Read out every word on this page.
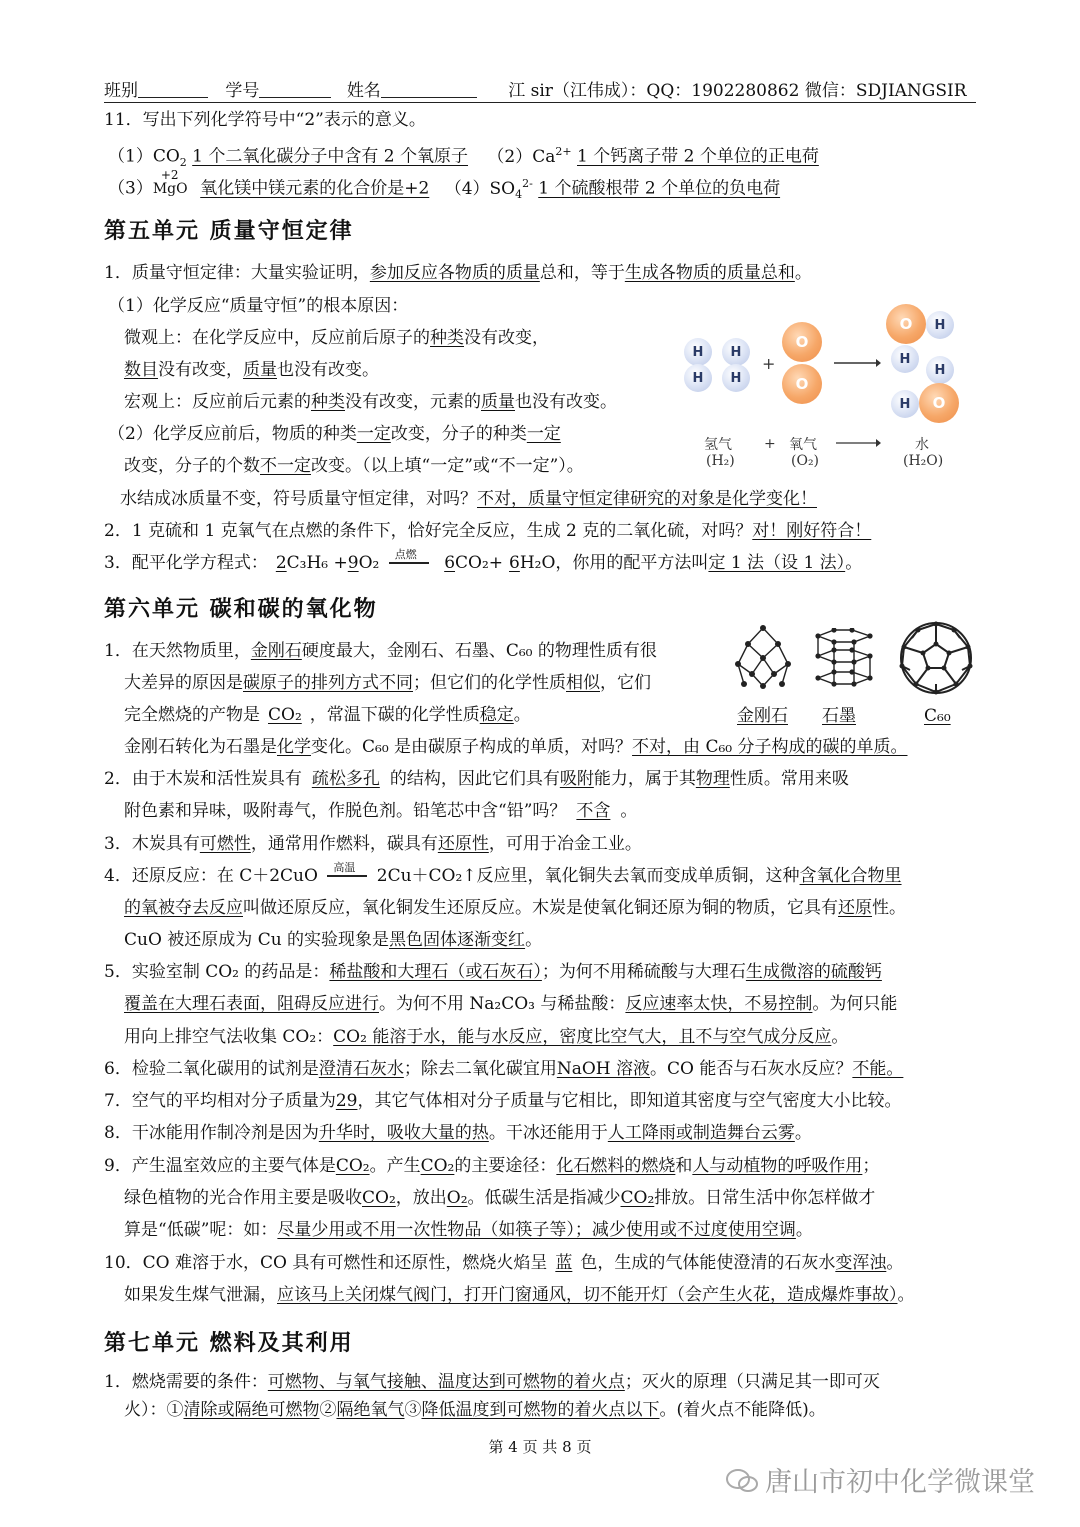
班别	学号	姓名	江 sir（江伟成）：QQ：1902280862 微信：SDJIANGSIR
11．写出下列化学符号中“2”表示的意义。
$(1)CO_2$ 1 个二氧化碳分子中含有 2 个氧原子 $(2)Ca^{2+}$ 1 个钙离子带 2 个单位的正电荷
（3）
+2
MgO 氧化镁中镁元素的化合价是+2 $(4)SO_4^{2-}$ 1 个硫酸根带 2 个单位的负电荷
第五单元 质量守恒定律
1．质量守恒定律：大量实验证明，参加反应各物质的质量总和，等于生成各物质的质量总和。
（1）化学反应“质量守恒”的根本原因：
微观上：在化学反应中，反应前后原子的种类没有改变，
数目没有改变，质量也没有改变。
宏观上：反应前后元素的种类没有改变，元素的质量也没有改变。
（2）化学反应前后，物质的种类一定改变，分子的种类一定
改变，分子的个数不一定改变。（以上填“一定”或“不一定”）。
水结成冰质量不变，符号质量守恒定律，对吗？不对，质量守恒定律研究的对象是化学变化！
2．1 克硫和 1 克氧气在点燃的条件下，恰好完全反应，生成 2 克的二氧化硫，对吗？对！刚好符合！
3．配平化学方程式： 2C₃H₆ +9O₂ 点燃 6CO₂+ 6H₂O，你用的配平方法叫定 1 法（设 1 法）。
H	H
H	H
+
O
O
O	H
H
H
H	O
氢气
(H₂)
+ 氧气
(O₂)
水
(H₂O)
第六单元 碳和碳的氧化物
1．在天然物质里，金刚石硬度最大，金刚石、石墨、C₆₀ 的物理性质有很
大差异的原因是碳原子的排列方式不同；但它们的化学性质相似，它们
完全燃烧的产物是 CO₂ ，常温下碳的化学性质稳定。	金刚石 石墨	C₆₀
金刚石转化为石墨是化学变化。C₆₀ 是由碳原子构成的单质，对吗？不对，由 C₆₀ 分子构成的碳的单质。
2．由于木炭和活性炭具有 疏松多孔 的结构，因此它们具有吸附能力，属于其物理性质。常用来吸
附色素和异味，吸附毒气，作脱色剂。铅笔芯中含“铅”吗？ 不含 。
3．木炭具有可燃性，通常用作燃料，碳具有还原性，可用于冶金工业。
4．还原反应：在 C＋2CuO 高温 2Cu＋CO₂↑反应里，氧化铜失去氧而变成单质铜，这种含氧化合物里
的氧被夺去反应叫做还原反应，氧化铜发生还原反应。木炭是使氧化铜还原为铜的物质，它具有还原性。
CuO 被还原成为 Cu 的实验现象是黑色固体逐渐变红。
5．实验室制 CO₂ 的药品是：稀盐酸和大理石（或石灰石）；为何不用稀硫酸与大理石生成微溶的硫酸钙
覆盖在大理石表面，阻碍反应进行。为何不用 Na₂CO₃ 与稀盐酸：反应速率太快，不易控制。为何只能
用向上排空气法收集 CO₂：CO₂ 能溶于水，能与水反应，密度比空气大，且不与空气成分反应。
6．检验二氧化碳用的试剂是澄清石灰水；除去二氧化碳宜用NaOH 溶液。CO 能否与石灰水反应？不能。
7．空气的平均相对分子质量为29，其它气体相对分子质量与它相比，即知道其密度与空气密度大小比较。
8．干冰能用作制冷剂是因为升华时，吸收大量的热。干冰还能用于人工降雨或制造舞台云雾。
9．产生温室效应的主要气体是CO₂。产生CO₂的主要途径：化石燃料的燃烧和人与动植物的呼吸作用；
绿色植物的光合作用主要是吸收CO₂，放出O₂。低碳生活是指减少CO₂排放。日常生活中你怎样做才
算是“低碳”呢：如：尽量少用或不用一次性物品（如筷子等）；减少使用或不过度使用空调。
10．CO 难溶于水，CO 具有可燃性和还原性，燃烧火焰呈 蓝 色，生成的气体能使澄清的石灰水变浑浊。
如果发生煤气泄漏，应该马上关闭煤气阀门，打开门窗通风，切不能开灯（会产生火花，造成爆炸事故）。
第七单元 燃料及其利用
1．燃烧需要的条件：可燃物、与氧气接触、温度达到可燃物的着火点；灭火的原理（只满足其一即可灭
火）：①清除或隔绝可燃物②隔绝氧气③降低温度到可燃物的着火点以下。(着火点不能降低)。
第 4 页 共 8 页
唐山市初中化学微课堂
